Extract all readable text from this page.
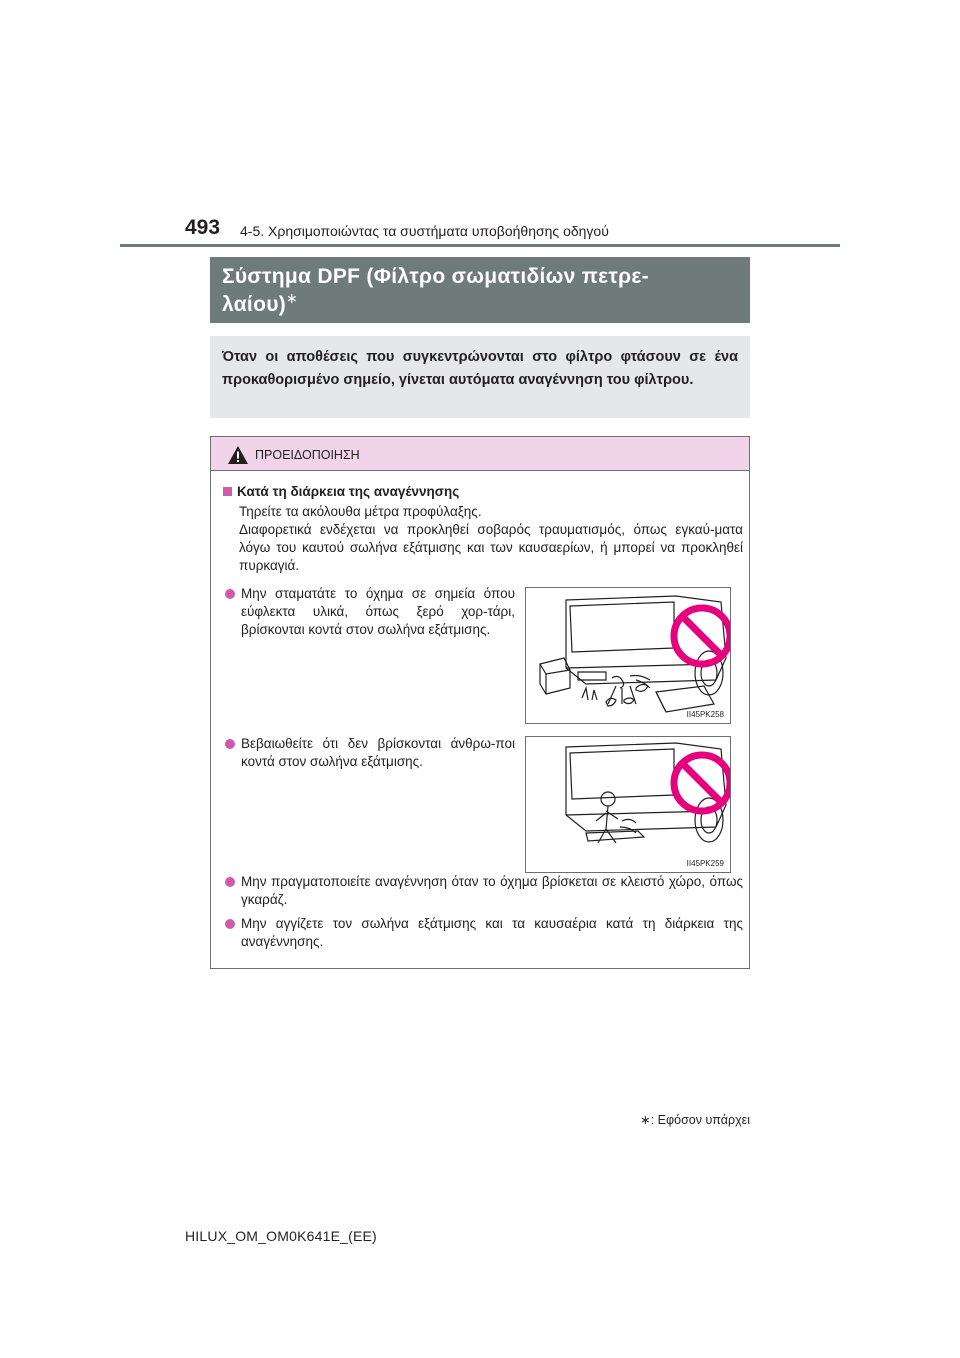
493 4-5. Χρησιμοποιώντας τα συστήματα υποβοήθησης οδηγού
Σύστημα DPF (Φίλτρο σωματιδίων πετρε-
λαίου)∗
Όταν οι αποθέσεις που συγκεντρώνονται στο φίλτρο φτάσουν σε ένα προκαθορισμένο σημείο, γίνεται αυτόματα αναγέννηση του φίλτρου.
ΠΡΟΕΙΔΟΠΟΙΗΣΗ
Κατά τη διάρκεια της αναγέννησης
Τηρείτε τα ακόλουθα μέτρα προφύλαξης.
Διαφορετικά ενδέχεται να προκληθεί σοβαρός τραυματισμός, όπως εγκαύ-ματα λόγω του καυτού σωλήνα εξάτμισης και των καυσαερίων, ή μπορεί να προκληθεί πυρκαγιά.
Μην σταματάτε το όχημα σε σημεία όπου εύφλεκτα υλικά, όπως ξερό χορ-τάρι, βρίσκονται κοντά στον σωλήνα εξάτμισης.
Βεβαιωθείτε ότι δεν βρίσκονται άνθρω-ποι κοντά στον σωλήνα εξάτμισης.
Μην πραγματοποιείτε αναγέννηση όταν το όχημα βρίσκεται σε κλειστό χώρο, όπως γκαράζ.
Μην αγγίζετε τον σωλήνα εξάτμισης και τα καυσαέρια κατά τη διάρκεια της αναγέννησης.
II45PK258
II45PK259
∗: Εφόσον υπάρχει
HILUX_OM_OM0K641E_(EE)
